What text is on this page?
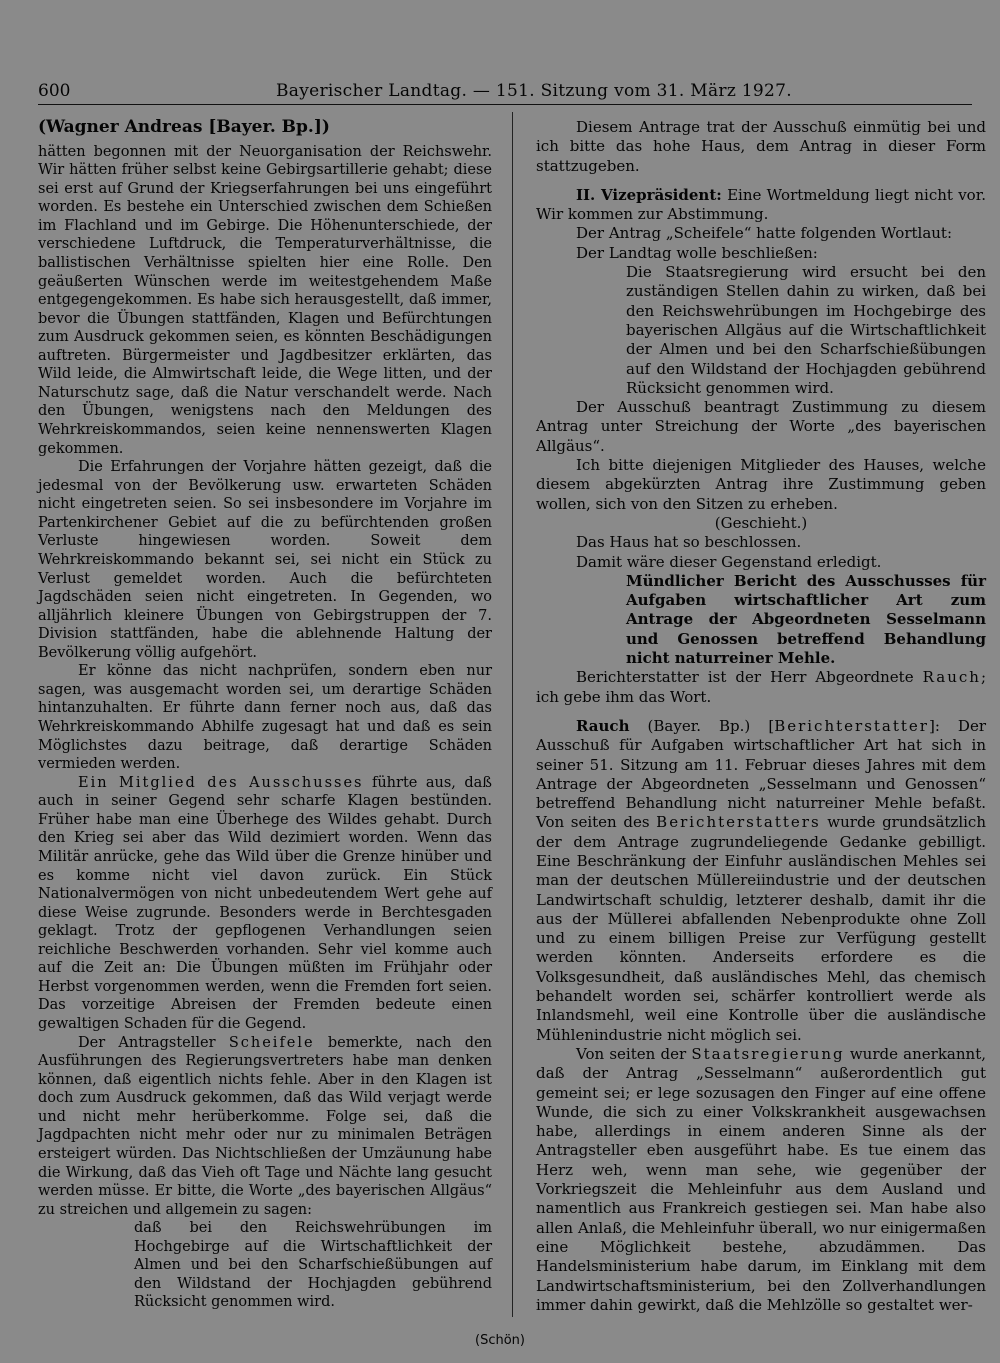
600	Bayerischer Landtag. — 151. Sitzung vom 31. März 1927.

(Wagner Andreas [Bayer. Bp.])

hätten begonnen mit der Neuorganisation der Reichswehr. Wir hätten früher selbst keine Gebirgsartillerie gehabt; diese sei erst auf Grund der Kriegserfahrungen bei uns eingeführt worden. Es bestehe ein Unterschied zwischen dem Schießen im Flachland und im Gebirge. Die Höhenunterschiede, der verschiedene Luftdruck, die Temperaturverhältnisse, die ballistischen Verhältnisse spielten hier eine Rolle. Den geäußerten Wünschen werde im weitestgehendem Maße entgegengekommen. Es habe sich herausgestellt, daß immer, bevor die Übungen stattfänden, Klagen und Befürchtungen zum Ausdruck gekommen seien, es könnten Beschädigungen auftreten. Bürgermeister und Jagdbesitzer erklärten, das Wild leide, die Almwirtschaft leide, die Wege litten, und der Naturschutz sage, daß die Natur verschandelt werde. Nach den Übungen, wenigstens nach den Meldungen des Wehrkreiskommandos, seien keine nennenswerten Klagen gekommen.

Die Erfahrungen der Vorjahre hätten gezeigt, daß die jedesmal von der Bevölkerung usw. erwarteten Schäden nicht eingetreten seien. So sei insbesondere im Vorjahre im Partenkirchener Gebiet auf die zu befürchtenden großen Verluste hingewiesen worden. Soweit dem Wehrkreiskommando bekannt sei, sei nicht ein Stück zu Verlust gemeldet worden. Auch die befürchteten Jagdschäden seien nicht eingetreten. In Gegenden, wo alljährlich kleinere Übungen von Gebirgstruppen der 7. Division stattfänden, habe die ablehnende Haltung der Bevölkerung völlig aufgehört.

Er könne das nicht nachprüfen, sondern eben nur sagen, was ausgemacht worden sei, um derartige Schäden hintanzuhalten. Er führte dann ferner noch aus, daß das Wehrkreiskommando Abhilfe zugesagt hat und daß es sein Möglichstes dazu beitrage, daß derartige Schäden vermieden werden.

Ein Mitglied des Ausschusses führte aus, daß auch in seiner Gegend sehr scharfe Klagen bestünden. Früher habe man eine Überhege des Wildes gehabt. Durch den Krieg sei aber das Wild dezimiert worden. Wenn das Militär anrücke, gehe das Wild über die Grenze hinüber und es komme nicht viel davon zurück. Ein Stück Nationalvermögen von nicht unbedeutendem Wert gehe auf diese Weise zugrunde. Besonders werde in Berchtesgaden geklagt. Trotz der gepflogenen Verhandlungen seien reichliche Beschwerden vorhanden. Sehr viel komme auch auf die Zeit an: Die Übungen müßten im Frühjahr oder Herbst vorgenommen werden, wenn die Fremden fort seien. Das vorzeitige Abreisen der Fremden bedeute einen gewaltigen Schaden für die Gegend.

Der Antragsteller Scheifele bemerkte, nach den Ausführungen des Regierungsvertreters habe man denken können, daß eigentlich nichts fehle. Aber in den Klagen ist doch zum Ausdruck gekommen, daß das Wild verjagt werde und nicht mehr herüberkomme. Folge sei, daß die Jagdpachten nicht mehr oder nur zu minimalen Beträgen ersteigert würden. Das Nichtschließen der Umzäunung habe die Wirkung, daß das Vieh oft Tage und Nächte lang gesucht werden müsse. Er bitte, die Worte „des bayerischen Allgäus“ zu streichen und allgemein zu sagen:

daß bei den Reichswehrübungen im Hochgebirge auf die Wirtschaftlichkeit der Almen und bei den Scharfschießübungen auf den Wildstand der Hochjagden gebührend Rücksicht genommen wird.

Diesem Antrage trat der Ausschuß einmütig bei und ich bitte das hohe Haus, dem Antrag in dieser Form stattzugeben.

II. Vizepräsident: Eine Wortmeldung liegt nicht vor. Wir kommen zur Abstimmung.

Der Antrag „Scheifele“ hatte folgenden Wortlaut:

Der Landtag wolle beschließen:

Die Staatsregierung wird ersucht bei den zuständigen Stellen dahin zu wirken, daß bei den Reichswehrübungen im Hochgebirge des bayerischen Allgäus auf die Wirtschaftlichkeit der Almen und bei den Scharfschießübungen auf den Wildstand der Hochjagden gebührend Rücksicht genommen wird.

Der Ausschuß beantragt Zustimmung zu diesem Antrag unter Streichung der Worte „des bayerischen Allgäus“.

Ich bitte diejenigen Mitglieder des Hauses, welche diesem abgekürzten Antrag ihre Zustimmung geben wollen, sich von den Sitzen zu erheben.

(Geschieht.)

Das Haus hat so beschlossen.

Damit wäre dieser Gegenstand erledigt.

Mündlicher Bericht des Ausschusses für Aufgaben wirtschaftlicher Art zum Antrage der Abgeordneten Sesselmann und Genossen betreffend Behandlung nicht naturreiner Mehle.

Berichterstatter ist der Herr Abgeordnete Rauch; ich gebe ihm das Wort.

Rauch (Bayer. Bp.) [Berichterstatter]: Der Ausschuß für Aufgaben wirtschaftlicher Art hat sich in seiner 51. Sitzung am 11. Februar dieses Jahres mit dem Antrage der Abgeordneten „Sesselmann und Genossen“ betreffend Behandlung nicht naturreiner Mehle befaßt. Von seiten des Berichterstatters wurde grundsätzlich der dem Antrage zugrundeliegende Gedanke gebilligt. Eine Beschränkung der Einfuhr ausländischen Mehles sei man der deutschen Müllereiindustrie und der deutschen Landwirtschaft schuldig, letzterer deshalb, damit ihr die aus der Müllerei abfallenden Nebenprodukte ohne Zoll und zu einem billigen Preise zur Verfügung gestellt werden könnten. Anderseits erfordere es die Volksgesundheit, daß ausländisches Mehl, das chemisch behandelt worden sei, schärfer kontrolliert werde als Inlandsmehl, weil eine Kontrolle über die ausländische Mühlenindustrie nicht möglich sei.

Von seiten der Staatsregierung wurde anerkannt, daß der Antrag „Sesselmann“ außerordentlich gut gemeint sei; er lege sozusagen den Finger auf eine offene Wunde, die sich zu einer Volkskrankheit ausgewachsen habe, allerdings in einem anderen Sinne als der Antragsteller eben ausgeführt habe. Es tue einem das Herz weh, wenn man sehe, wie gegenüber der Vorkriegszeit die Mehleinfuhr aus dem Ausland und namentlich aus Frankreich gestiegen sei. Man habe also allen Anlaß, die Mehleinfuhr überall, wo nur einigermaßen eine Möglichkeit bestehe, abzudämmen. Das Handelsministerium habe darum, im Einklang mit dem Landwirtschaftsministerium, bei den Zollverhandlungen immer dahin gewirkt, daß die Mehlzölle so gestaltet wer-

(Schön)
